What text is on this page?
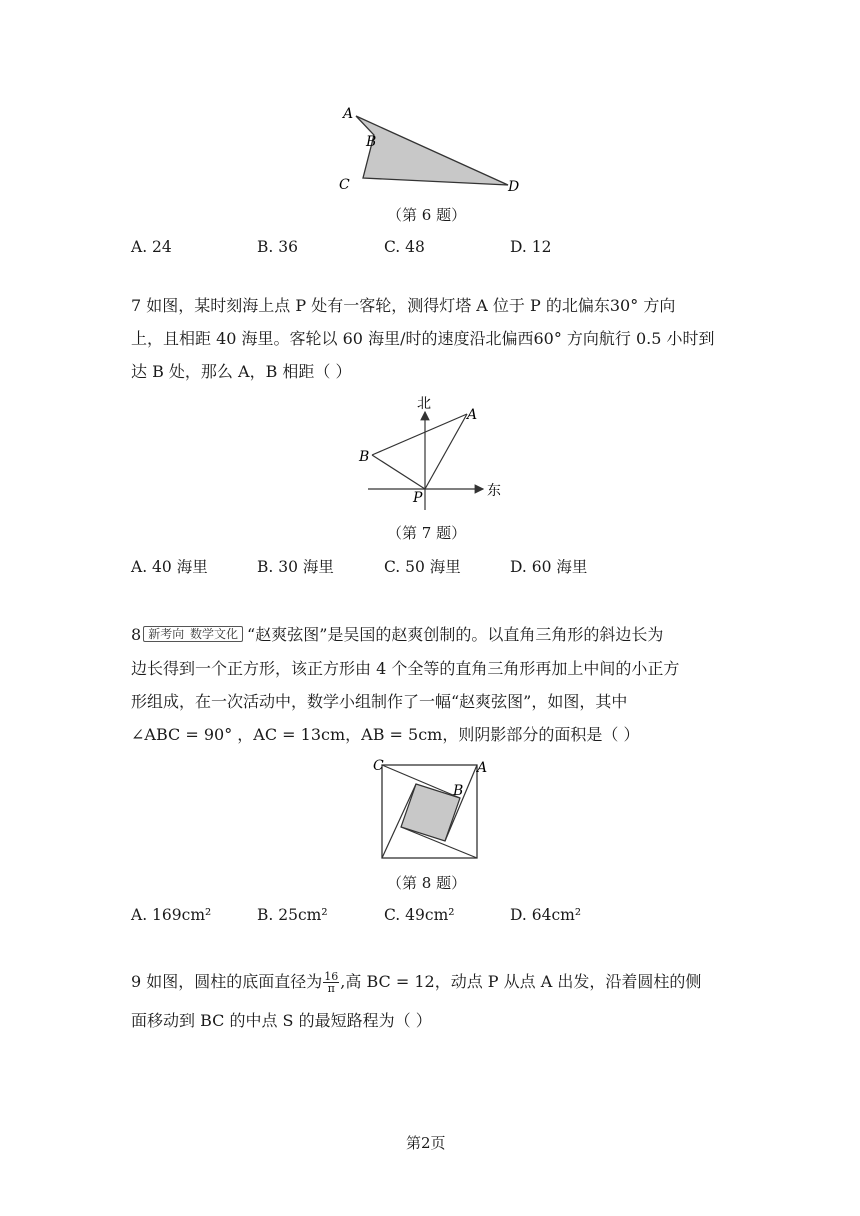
A
B
C	D
（第 6 题）
A. 24	B. 36	C. 48	D. 12
7 如图，某时刻海上点 P 处有一客轮，测得灯塔 A 位于 P 的北偏东30° 方向
上，且相距 40 海里。客轮以 60 海里/时的速度沿北偏西60° 方向航行 0.5 小时到
达 B 处，那么 A，B 相距（ ）
北
东
A
B
P
（第 7 题）
A. 40 海里	B. 30 海里	C. 50 海里	D. 60 海里
8 新考向 数学文化 “赵爽弦图”是吴国的赵爽创制的。以直角三角形的斜边长为
边长得到一个正方形，该正方形由 4 个全等的直角三角形再加上中间的小正方
形组成，在一次活动中，数学小组制作了一幅“赵爽弦图”，如图，其中
∠ABC = 90° ，AC = 13cm，AB = 5cm，则阴影部分的面积是（ ）
C	A
B
（第 8 题）
A. 169cm²	B. 25cm²	C. 49cm²	D. 64cm²
9 如图，圆柱的底面直径为 $\frac{16}{\pi}$ ,高 BC = 12，动点 P 从点 A 出发，沿着圆柱的侧
面移动到 BC 的中点 S 的最短路程为（ ）
第2页
